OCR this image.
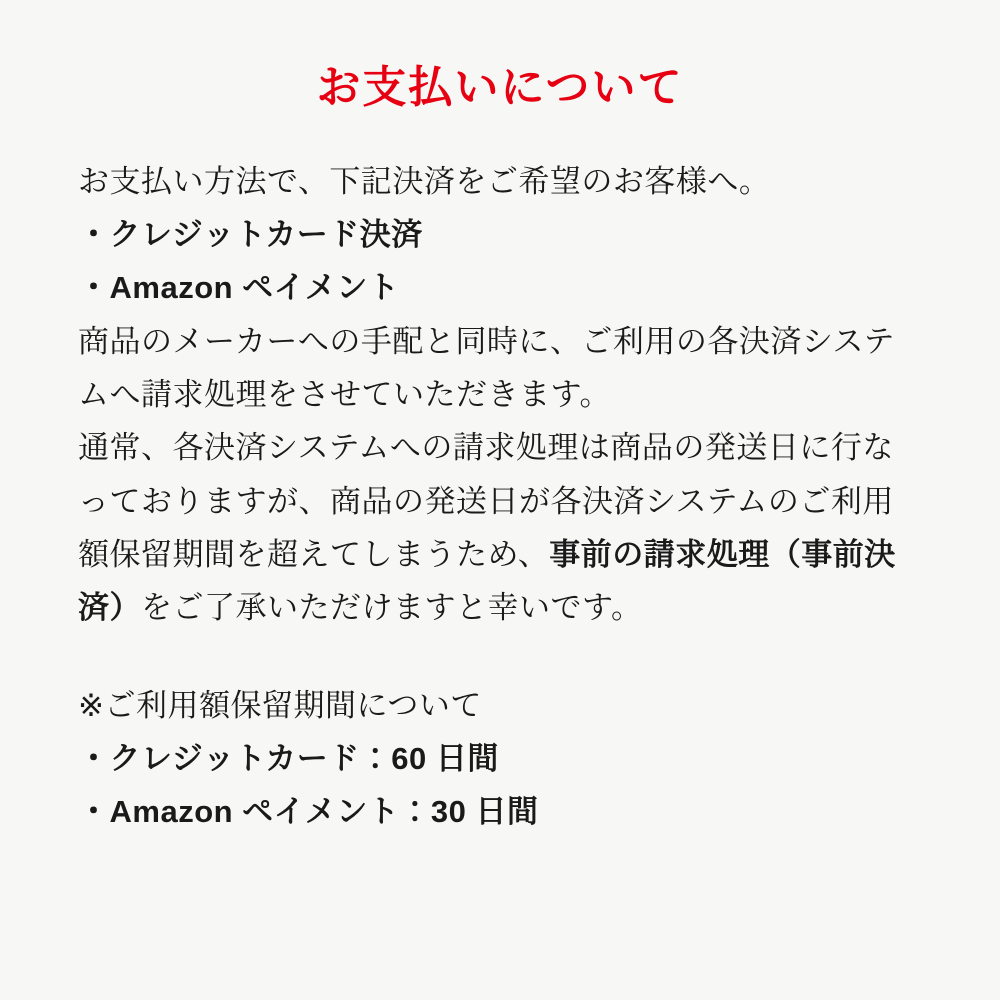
お支払いについて

お支払い方法で、下記決済をご希望のお客様へ。

・クレジットカード決済

・Amazon ペイメント

商品のメーカーへの手配と同時に、ご利用の各決済システムへ請求処理をさせていただきます。

通常、各決済システムへの請求処理は商品の発送日に行なっておりますが、商品の発送日が各決済システムのご利用額保留期間を超えてしまうため、事前の請求処理（事前決済）をご了承いただけますと幸いです。

※ご利用額保留期間について

・クレジットカード：60 日間

・Amazon ペイメント：30 日間
